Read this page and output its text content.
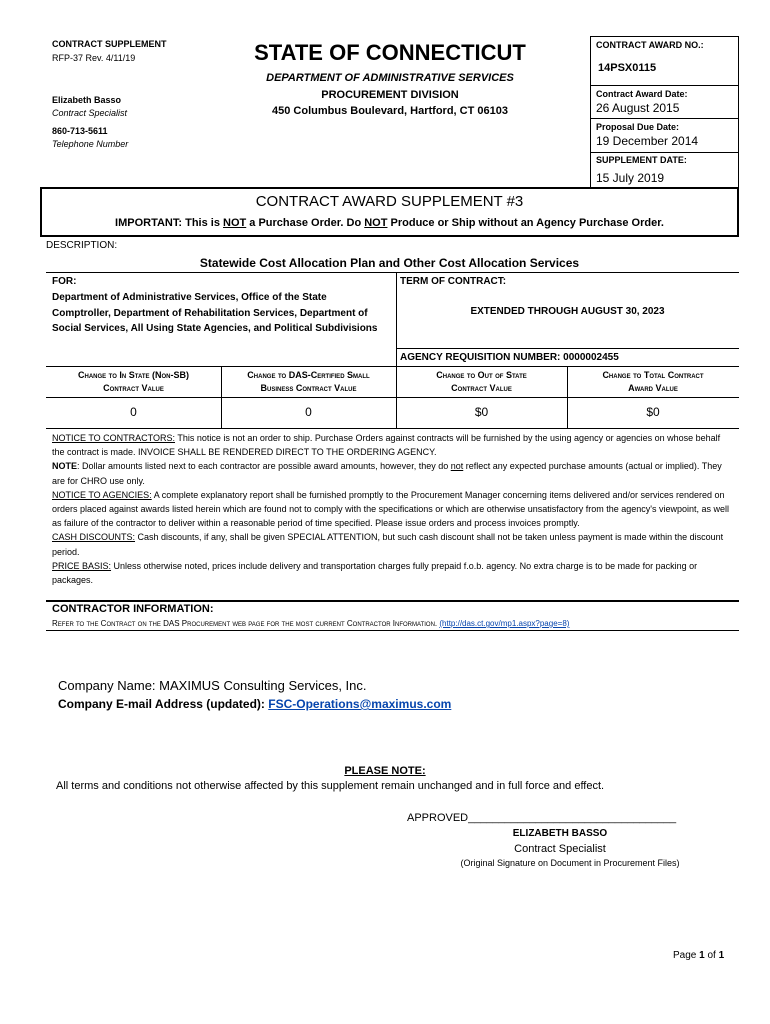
CONTRACT SUPPLEMENT
RFP-37 Rev. 4/11/19
Elizabeth Basso
Contract Specialist
860-713-5611
Telephone Number
STATE OF CONNECTICUT
DEPARTMENT OF ADMINISTRATIVE SERVICES
PROCUREMENT DIVISION
450 Columbus Boulevard, Hartford, CT 06103
CONTRACT AWARD NO.:
14PSX0115
Contract Award Date:
26 August 2015
Proposal Due Date:
19 December 2014
SUPPLEMENT DATE:
15 July 2019
CONTRACT AWARD SUPPLEMENT #3
IMPORTANT: This is NOT a Purchase Order. Do NOT Produce or Ship without an Agency Purchase Order.
DESCRIPTION:
Statewide Cost Allocation Plan and Other Cost Allocation Services
FOR:
Department of Administrative Services, Office of the State Comptroller, Department of Rehabilitation Services, Department of Social Services, All Using State Agencies, and Political Subdivisions
TERM OF CONTRACT:
EXTENDED THROUGH AUGUST 30, 2023
AGENCY REQUISITION NUMBER: 0000002455
Change to In State (Non-SB)
Contract Value
Change to DAS-Certified Small
Business Contract Value
Change to Out of State
Contract Value
Change to Total Contract
Award Value
0	0	$0	$0

NOTICE TO CONTRACTORS: This notice is not an order to ship. Purchase Orders against contracts will be furnished by the using agency or agencies on whose behalf the contract is made. INVOICE SHALL BE RENDERED DIRECT TO THE ORDERING AGENCY.

NOTE: Dollar amounts listed next to each contractor are possible award amounts, however, they do not reflect any expected purchase amounts (actual or implied). They are for CHRO use only.

NOTICE TO AGENCIES: A complete explanatory report shall be furnished promptly to the Procurement Manager concerning items delivered and/or services rendered on orders placed against awards listed herein which are found not to comply with the specifications or which are otherwise unsatisfactory from the agency's viewpoint, as well as failure of the contractor to deliver within a reasonable period of time specified. Please issue orders and process invoices promptly.

CASH DISCOUNTS: Cash discounts, if any, shall be given SPECIAL ATTENTION, but such cash discount shall not be taken unless payment is made within the discount period.

PRICE BASIS: Unless otherwise noted, prices include delivery and transportation charges fully prepaid f.o.b. agency. No extra charge is to be made for packing or packages.

CONTRACTOR INFORMATION:
Refer to the Contract on the DAS Procurement web page for the most current Contractor Information. (http://das.ct.gov/mp1.aspx?page=8)
Company Name: MAXIMUS Consulting Services, Inc.
Company E-mail Address (updated): FSC-Operations@maximus.com
PLEASE NOTE:
All terms and conditions not otherwise affected by this supplement remain unchanged and in full force and effect.
APPROVED__________________________________
ELIZABETH BASSO
Contract Specialist
(Original Signature on Document in Procurement Files)
Page 1 of 1
